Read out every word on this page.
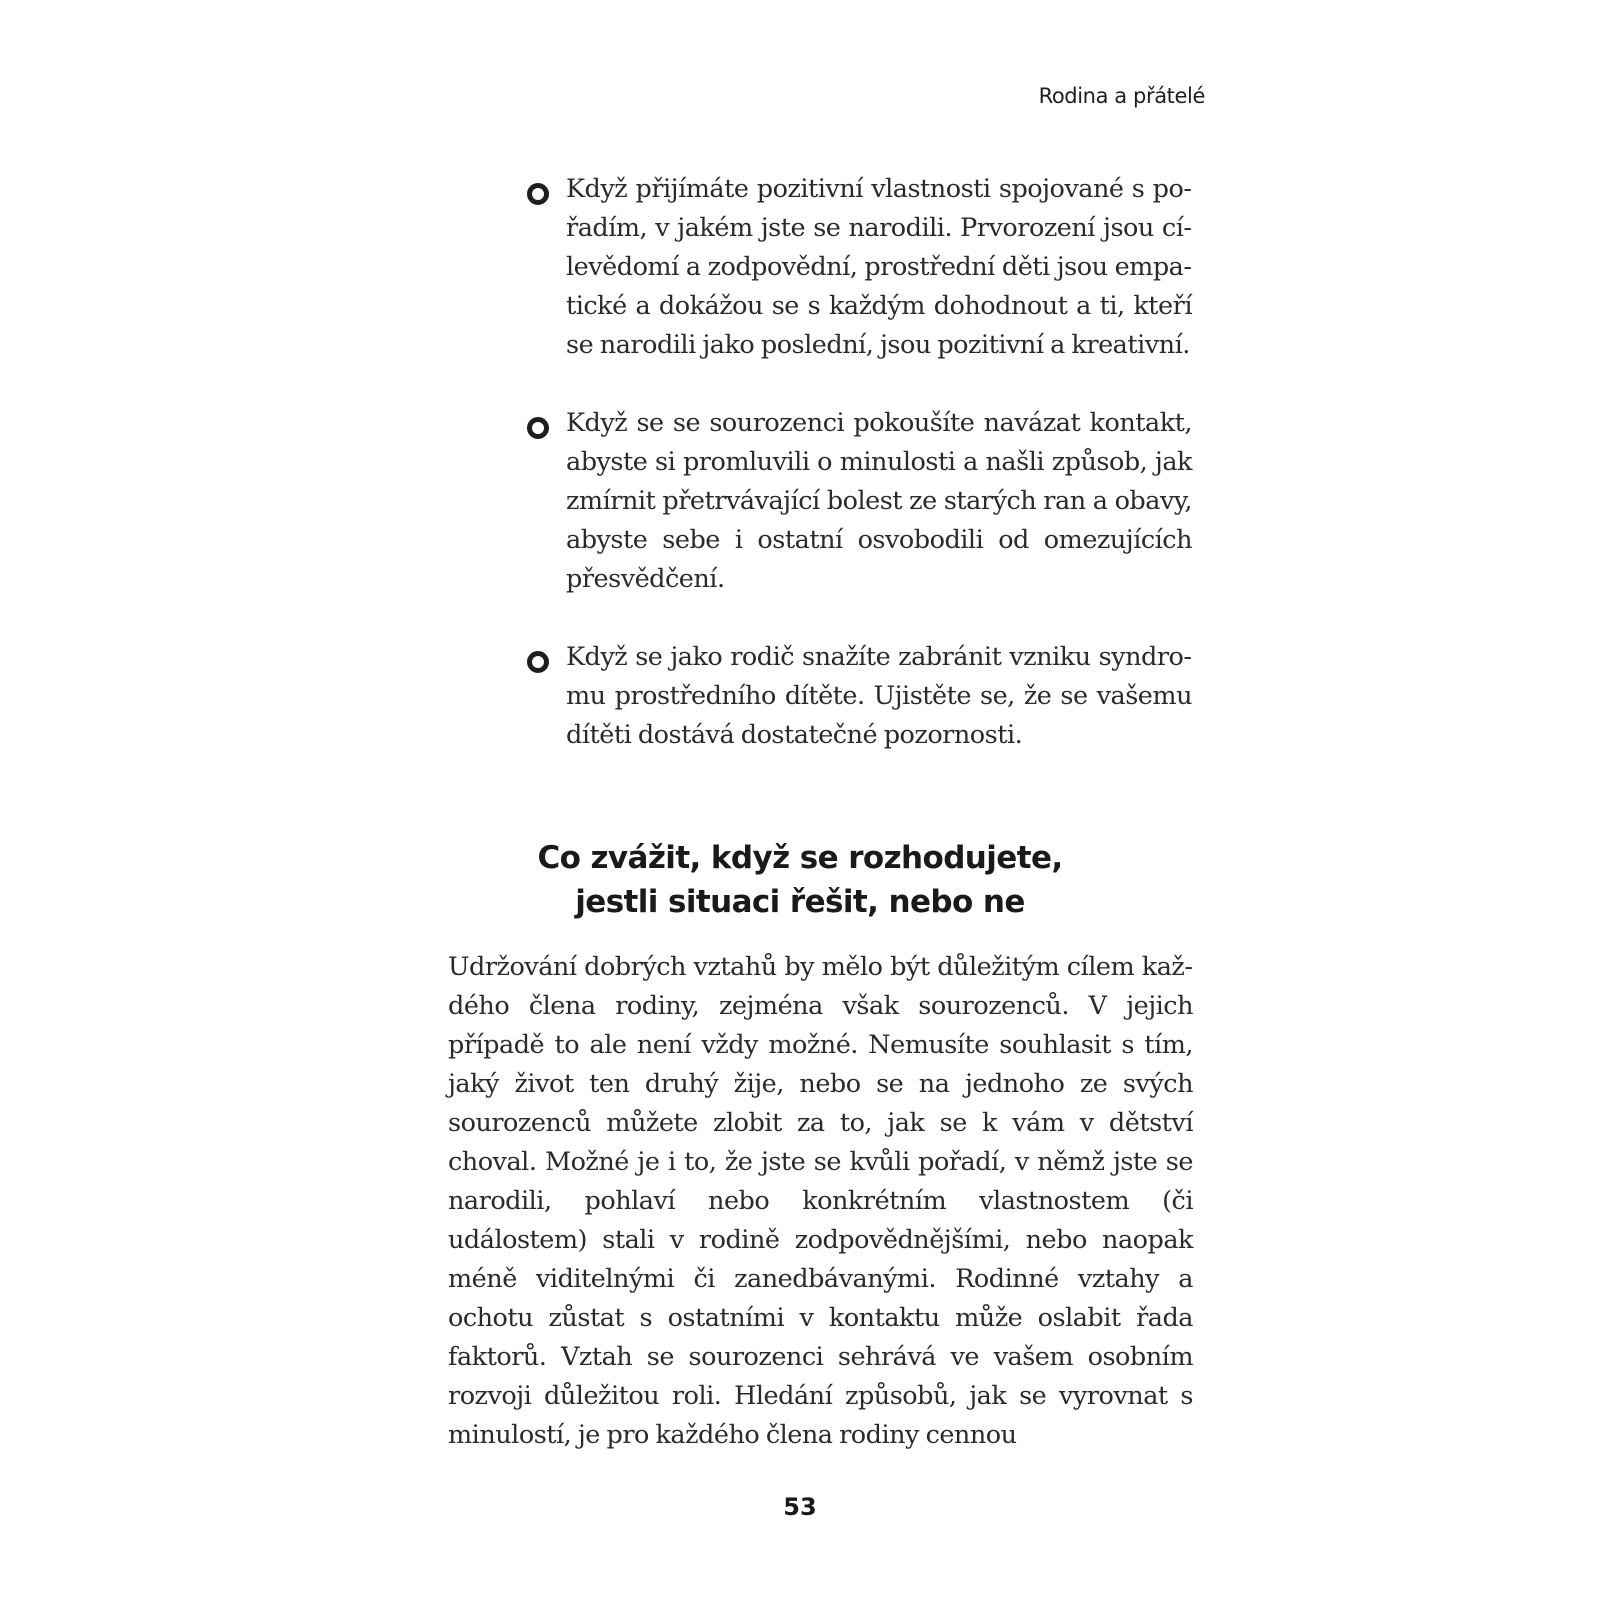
Rodina a přátelé
Když přijímáte pozitivní vlastnosti spojované s pořadím, v jakém jste se narodili. Prvorození jsou cílevědomí a zodpovědní, prostřední děti jsou empatické a dokážou se s každým dohodnout a ti, kteří se narodili jako poslední, jsou pozitivní a kreativní.
Když se se sourozenci pokoušíte navázat kontakt, abyste si promluvili o minulosti a našli způsob, jak zmírnit přetrvávající bolest ze starých ran a obavy, abyste sebe i ostatní osvobodili od omezujících přesvědčení.
Když se jako rodič snažíte zabránit vzniku syndromu prostředního dítěte. Ujistěte se, že se vašemu dítěti dostává dostatečné pozornosti.
Co zvážit, když se rozhodujete,
jestli situaci řešit, nebo ne

Udržování dobrých vztahů by mělo být důležitým cílem každého člena rodiny, zejména však sourozenců. V jejich případě to ale není vždy možné. Nemusíte souhlasit s tím, jaký život ten druhý žije, nebo se na jednoho ze svých sourozenců můžete zlobit za to, jak se k vám v dětství choval. Možné je i to, že jste se kvůli pořadí, v němž jste se narodili, pohlaví nebo konkrétním vlastnostem (či událostem) stali v rodině zodpovědnějšími, nebo naopak méně viditelnými či zanedbávanými. Rodinné vztahy a ochotu zůstat s ostatními v kontaktu může oslabit řada faktorů. Vztah se sourozenci sehrává ve vašem osobním rozvoji důležitou roli. Hledání způsobů, jak se vyrovnat s minulostí, je pro každého člena rodiny cennou

53
